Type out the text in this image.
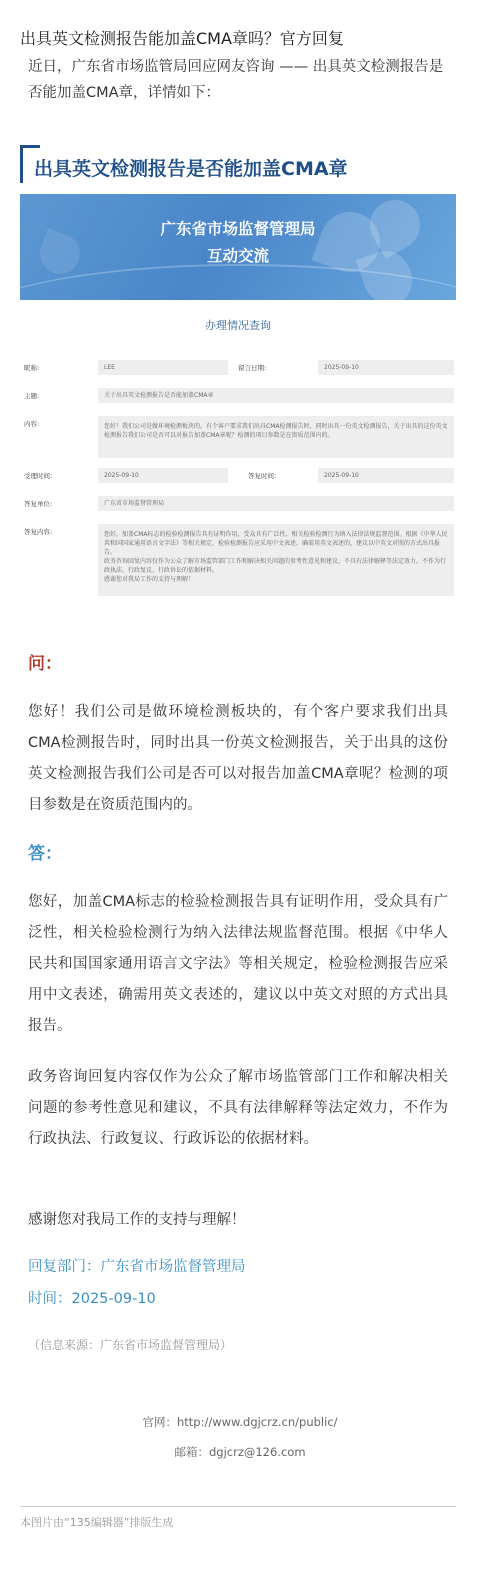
出具英文检测报告能加盖CMA章吗？官方回复
近日，广东省市场监管局回应网友咨询 —— 出具英文检测报告是否能加盖CMA章，详情如下：
出具英文检测报告是否能加盖CMA章
广东省市场监督管理局
互动交流
办理情况查询
昵称:	LEE	留言日期:	2025-09-10
主题:	关于出具英文检测报告是否能加盖CMA章
内容:	您好！我们公司是做环境检测板块的，有个客户要求我们出具CMA检测报告时，同时出具一份英文检测报告，关于出具的这份英文检测报告我们公司是否可以对报告加盖CMA章呢？检测的项目参数是在资质范围内的。
受理时间:	2025-09-10	答复时间:	2025-09-10
答复单位:	广东省市场监督管理局
答复内容:	您好，加盖CMA标志的检验检测报告具有证明作用，受众具有广泛性，相关检验检测行为纳入法律法规监督范围。根据《中华人民共和国国家通用语言文字法》等相关规定，检验检测报告应采用中文表述，确需用英文表述的，建议以中英文对照的方式出具报告。
政务咨询回复内容仅作为公众了解市场监管部门工作和解决相关问题的参考性意见和建议，不具有法律解释等法定效力，不作为行政执法、行政复议、行政诉讼的依据材料。
感谢您对我局工作的支持与理解！
问：
您好！我们公司是做环境检测板块的，有个客户要求我们出具CMA检测报告时，同时出具一份英文检测报告，关于出具的这份英文检测报告我们公司是否可以对报告加盖CMA章呢？检测的项目参数是在资质范围内的。
答：
您好，加盖CMA标志的检验检测报告具有证明作用，受众具有广泛性，相关检验检测行为纳入法律法规监督范围。根据《中华人民共和国国家通用语言文字法》等相关规定，检验检测报告应采用中文表述，确需用英文表述的，建议以中英文对照的方式出具报告。
政务咨询回复内容仅作为公众了解市场监管部门工作和解决相关问题的参考性意见和建议，不具有法律解释等法定效力，不作为行政执法、行政复议、行政诉讼的依据材料。
感谢您对我局工作的支持与理解！
回复部门：广东省市场监督管理局
时间：2025-09-10
（信息来源：广东省市场监督管理局）
官网：http://www.dgjcrz.cn/public/
邮箱：dgjcrz@126.com
本图片由“135编辑器”排版生成
